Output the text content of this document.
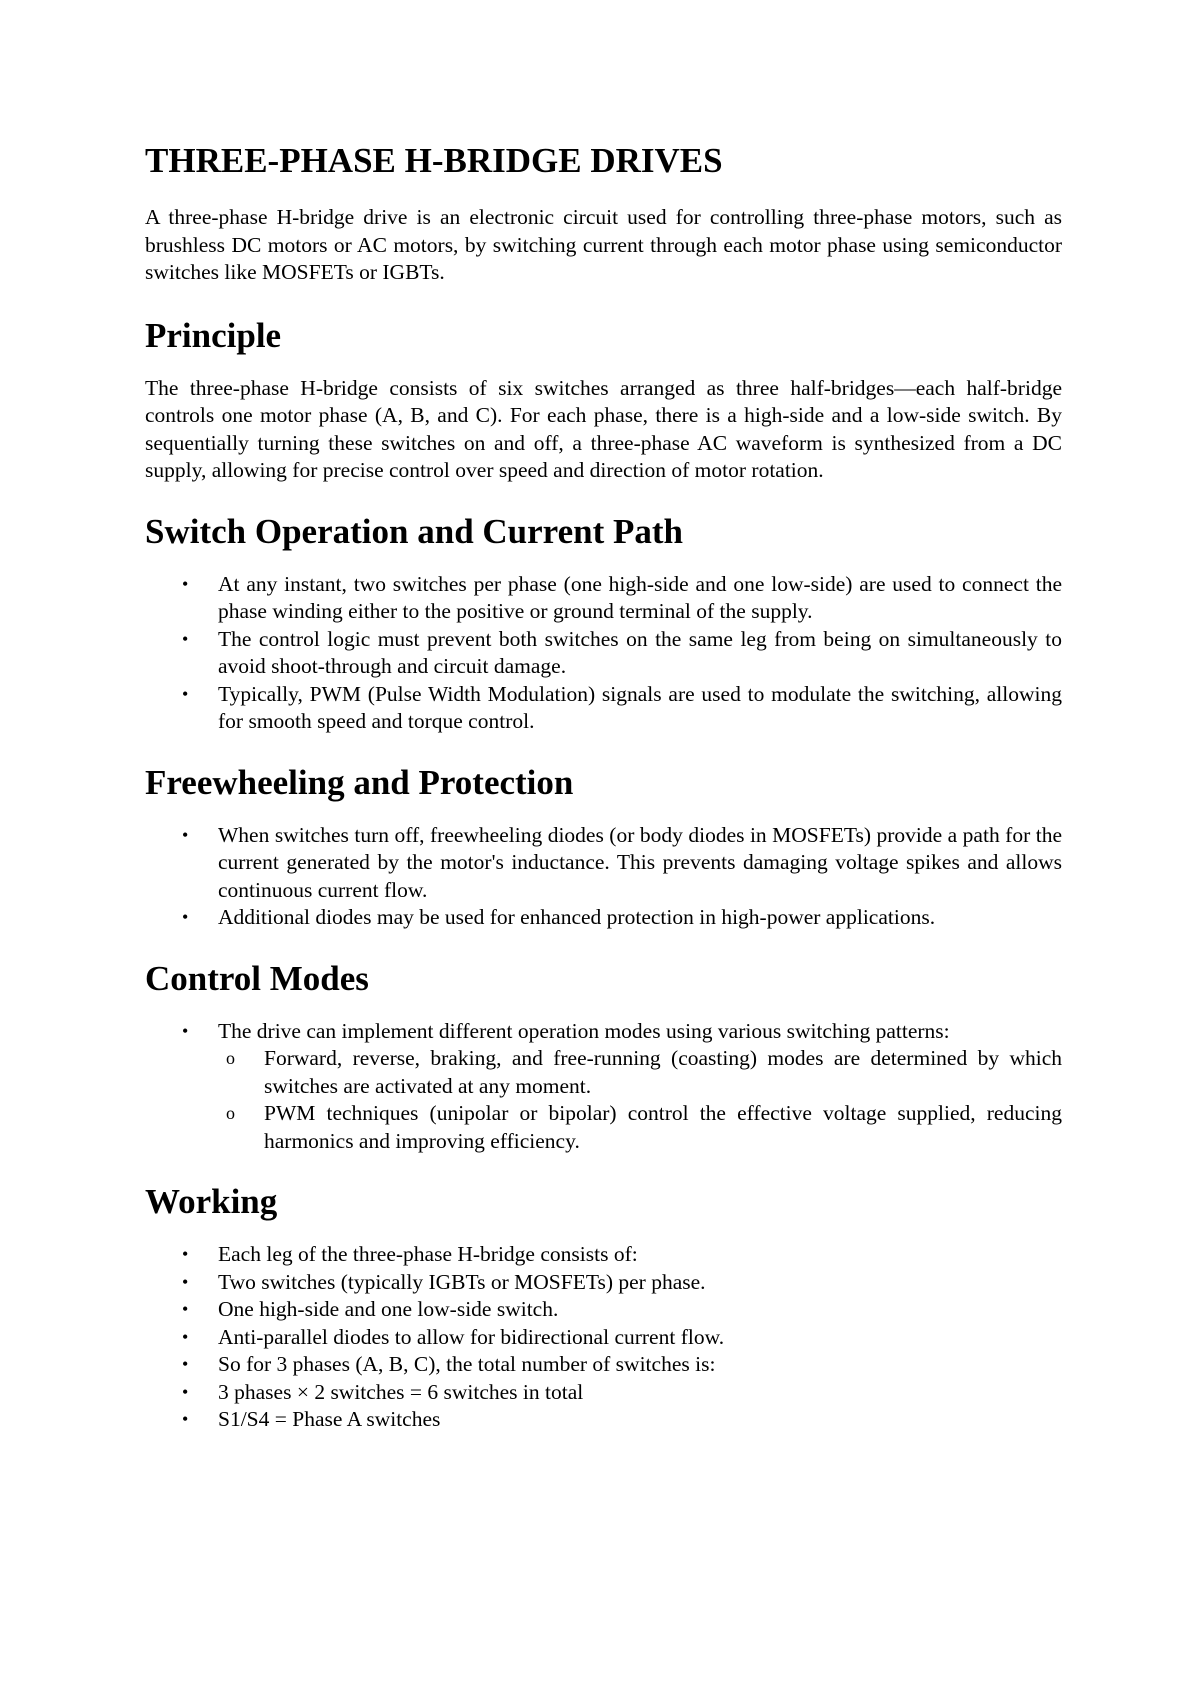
THREE-PHASE H-BRIDGE DRIVES

A three-phase H-bridge drive is an electronic circuit used for controlling three-phase motors, such as brushless DC motors or AC motors, by switching current through each motor phase using semiconductor switches like MOSFETs or IGBTs.

Principle

The three-phase H-bridge consists of six switches arranged as three half-bridges—each half-bridge controls one motor phase (A, B, and C). For each phase, there is a high-side and a low-side switch. By sequentially turning these switches on and off, a three-phase AC waveform is synthesized from a DC supply, allowing for precise control over speed and direction of motor rotation.

Switch Operation and Current Path
• At any instant, two switches per phase (one high-side and one low-side) are used to connect the phase winding either to the positive or ground terminal of the supply.
• The control logic must prevent both switches on the same leg from being on simultaneously to avoid shoot-through and circuit damage.
• Typically, PWM (Pulse Width Modulation) signals are used to modulate the switching, allowing for smooth speed and torque control.
Freewheeling and Protection
• When switches turn off, freewheeling diodes (or body diodes in MOSFETs) provide a path for the current generated by the motor's inductance. This prevents damaging voltage spikes and allows continuous current flow.
• Additional diodes may be used for enhanced protection in high-power applications.
Control Modes
• The drive can implement different operation modes using various switching patterns:
o Forward, reverse, braking, and free-running (coasting) modes are determined by which switches are activated at any moment.
o PWM techniques (unipolar or bipolar) control the effective voltage supplied, reducing harmonics and improving efficiency.
Working
• Each leg of the three-phase H-bridge consists of:
• Two switches (typically IGBTs or MOSFETs) per phase.
• One high-side and one low-side switch.
• Anti-parallel diodes to allow for bidirectional current flow.
• So for 3 phases (A, B, C), the total number of switches is:
• 3 phases × 2 switches = 6 switches in total
• S1/S4 = Phase A switches
